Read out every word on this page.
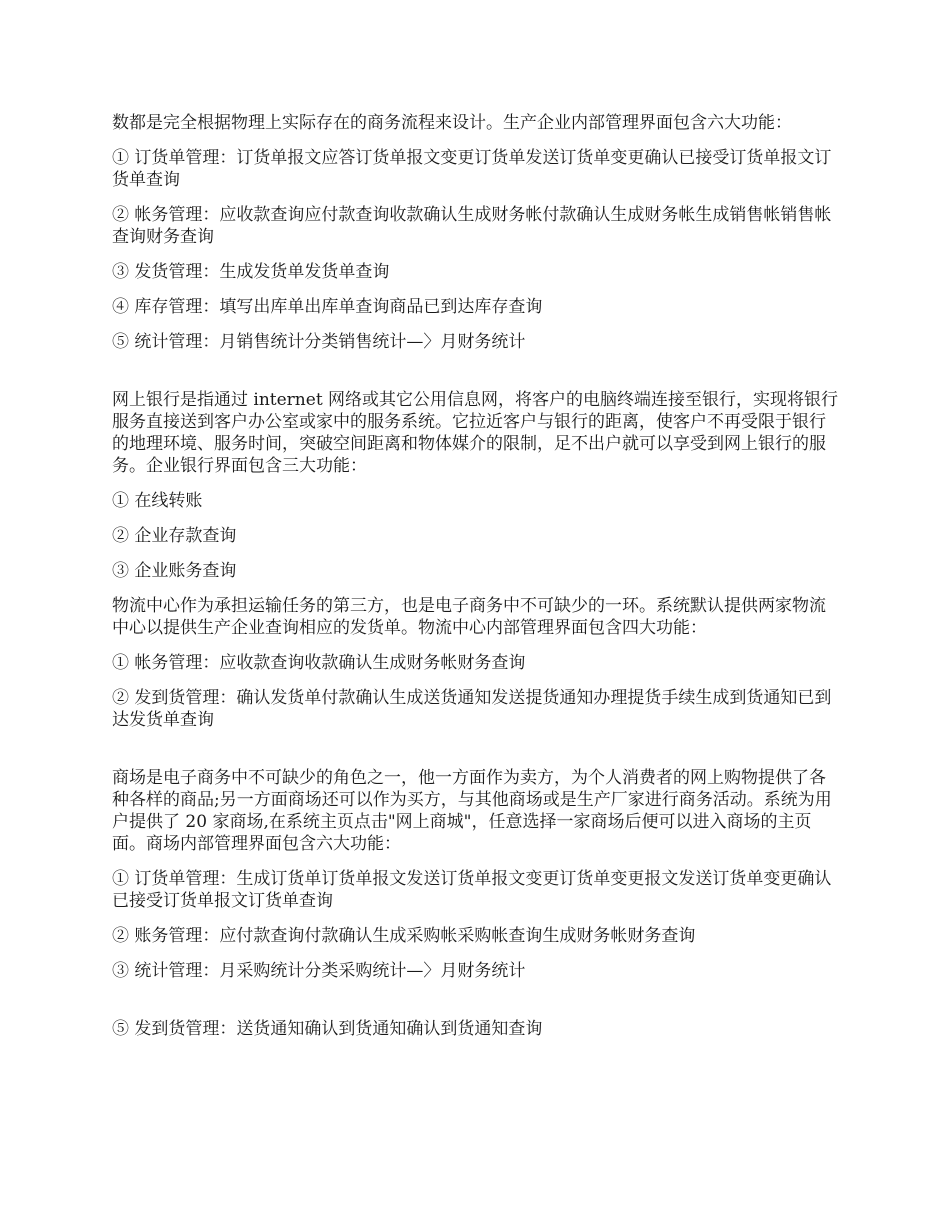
数都是完全根据物理上实际存在的商务流程来设计。生产企业内部管理界面包含六大功能：

① 订货单管理：订货单报文应答订货单报文变更订货单发送订货单变更确认已接受订货单报文订货单查询

② 帐务管理：应收款查询应付款查询收款确认生成财务帐付款确认生成财务帐生成销售帐销售帐查询财务查询

③ 发货管理：生成发货单发货单查询

④ 库存管理：填写出库单出库单查询商品已到达库存查询

⑤ 统计管理：月销售统计分类销售统计—〉月财务统计

网上银行是指通过 internet 网络或其它公用信息网，将客户的电脑终端连接至银行，实现将银行服务直接送到客户办公室或家中的服务系统。它拉近客户与银行的距离，使客户不再受限于银行的地理环境、服务时间，突破空间距离和物体媒介的限制，足不出户就可以享受到网上银行的服务。企业银行界面包含三大功能：

① 在线转账

② 企业存款查询

③ 企业账务查询

物流中心作为承担运输任务的第三方，也是电子商务中不可缺少的一环。系统默认提供两家物流中心以提供生产企业查询相应的发货单。物流中心内部管理界面包含四大功能：

① 帐务管理：应收款查询收款确认生成财务帐财务查询

② 发到货管理：确认发货单付款确认生成送货通知发送提货通知办理提货手续生成到货通知已到达发货单查询

商场是电子商务中不可缺少的角色之一，他一方面作为卖方，为个人消费者的网上购物提供了各种各样的商品;另一方面商场还可以作为买方，与其他商场或是生产厂家进行商务活动。系统为用户提供了 20 家商场,在系统主页点击"网上商城"，任意选择一家商场后便可以进入商场的主页面。商场内部管理界面包含六大功能：

① 订货单管理：生成订货单订货单报文发送订货单报文变更订货单变更报文发送订货单变更确认已接受订货单报文订货单查询

② 账务管理：应付款查询付款确认生成采购帐采购帐查询生成财务帐财务查询

③ 统计管理：月采购统计分类采购统计—〉月财务统计

⑤ 发到货管理：送货通知确认到货通知确认到货通知查询
